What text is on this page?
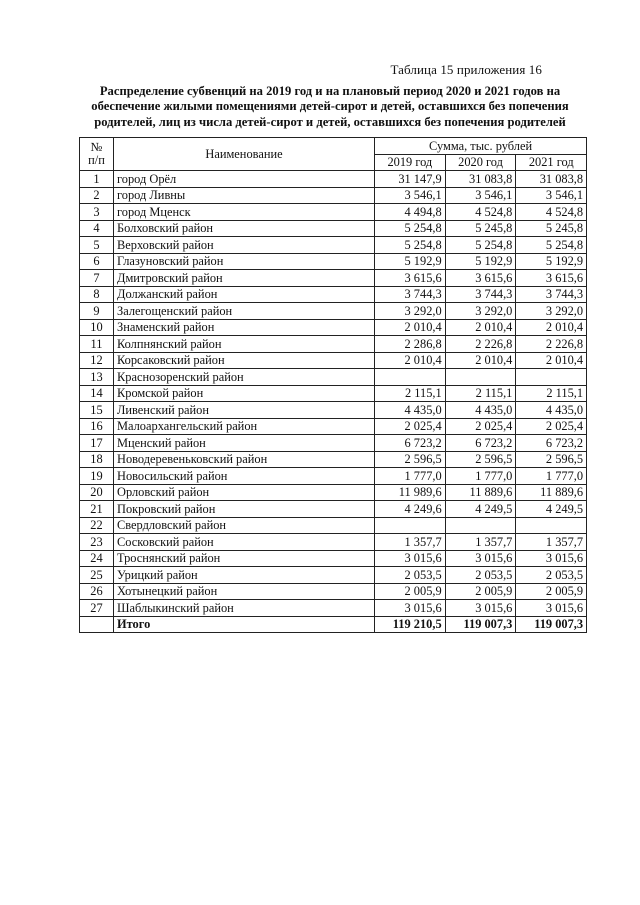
Таблица 15 приложения 16
Распределение субвенций на 2019 год и на плановый период 2020 и 2021 годов на
обеспечение жилыми помещениями детей-сирот и детей, оставшихся без попечения
родителей, лиц из числа детей-сирот и детей, оставшихся без попечения родителей
№
п/п	Наименование	Сумма, тыс. рублей		
		2019 год	2020 год	2021 год
1	город Орёл	31 147,9	31 083,8	31 083,8
2	город Ливны	3 546,1	3 546,1	3 546,1
3	город Мценск	4 494,8	4 524,8	4 524,8
4	Болховский район	5 254,8	5 245,8	5 245,8
5	Верховский район	5 254,8	5 254,8	5 254,8
6	Глазуновский район	5 192,9	5 192,9	5 192,9
7	Дмитровский район	3 615,6	3 615,6	3 615,6
8	Должанский район	3 744,3	3 744,3	3 744,3
9	Залегощенский район	3 292,0	3 292,0	3 292,0
10	Знаменский район	2 010,4	2 010,4	2 010,4
11	Колпнянский район	2 286,8	2 226,8	2 226,8
12	Корсаковский район	2 010,4	2 010,4	2 010,4
13	Краснозоренский район			
14	Кромской район	2 115,1	2 115,1	2 115,1
15	Ливенский район	4 435,0	4 435,0	4 435,0
16	Малоархангельский район	2 025,4	2 025,4	2 025,4
17	Мценский район	6 723,2	6 723,2	6 723,2
18	Новодеревеньковский район	2 596,5	2 596,5	2 596,5
19	Новосильский район	1 777,0	1 777,0	1 777,0
20	Орловский район	11 989,6	11 889,6	11 889,6
21	Покровский район	4 249,6	4 249,5	4 249,5
22	Свердловский район			
23	Сосковский район	1 357,7	1 357,7	1 357,7
24	Троснянский район	3 015,6	3 015,6	3 015,6
25	Урицкий район	2 053,5	2 053,5	2 053,5
26	Хотынецкий район	2 005,9	2 005,9	2 005,9
27	Шаблыкинский район	3 015,6	3 015,6	3 015,6
	Итого	119 210,5	119 007,3	119 007,3
